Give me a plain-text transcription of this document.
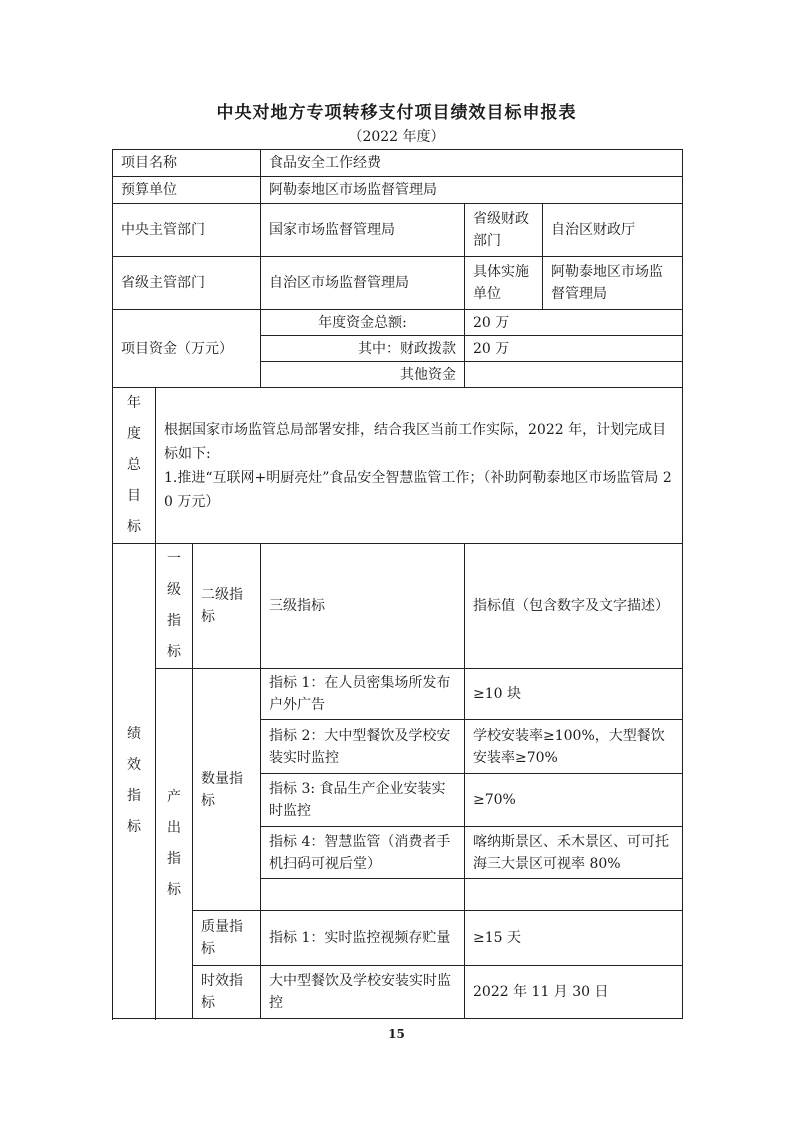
中央对地方专项转移支付项目绩效目标申报表
（2022 年度）
项目名称			食品安全工作经费		
预算单位			阿勒泰地区市场监督管理局		
中央主管部门			国家市场监督管理局	省级财政部门	自治区财政厅
省级主管部门			自治区市场监督管理局	具体实施单位	阿勒泰地区市场监督管理局
项目资金（万元）			年度资金总额:	20 万	
			其中：财政拨款	20 万	
			其他资金		
年度总目标	根据国家市场监管总局部署安排，结合我区当前工作实际，2022 年，计划完成目标如下:
1.推进“互联网+明厨亮灶”食品安全智慧监管工作；（补助阿勒泰地区市场监管局 20 万元）				

绩效指标	一级指标	二级指标	三级指标	指标值（包含数字及文字描述）	
	产出指标	数量指标	指标 1：在人员密集场所发布户外广告	≥10 块	
			指标 2：大中型餐饮及学校安装实时监控	学校安装率≥100%，大型餐饮安装率≥70%	
			指标 3: 食品生产企业安装实时监控	≥70%	
			指标 4：智慧监管（消费者手机扫码可视后堂）	喀纳斯景区、禾木景区、可可托海三大景区可视率 80%	

		质量指标	指标 1：实时监控视频存贮量	≥15 天	
		时效指标	大中型餐饮及学校安装实时监控	2022 年 11 月 30 日	

15
